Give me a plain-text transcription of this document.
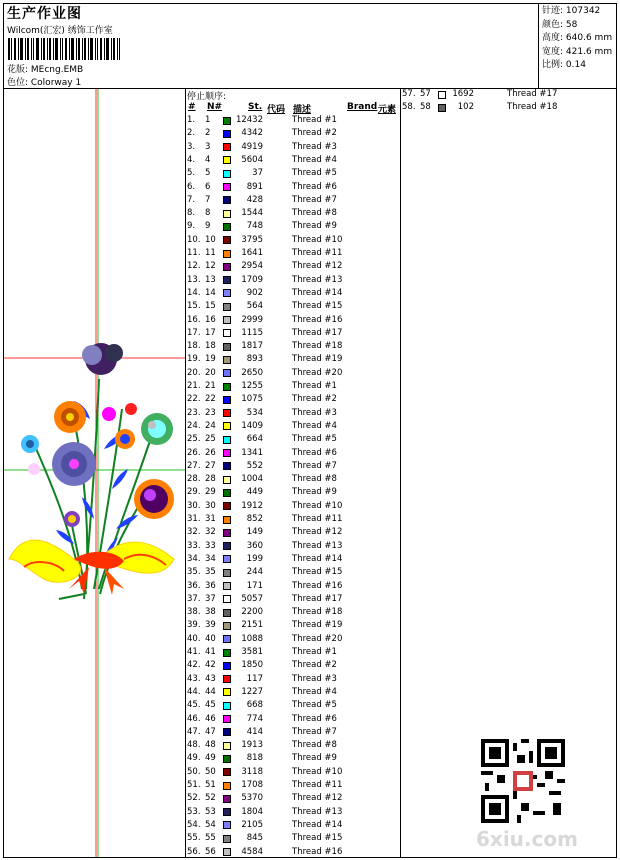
生产作业图
Wilcom(汇宏) 绣饰工作室
花版: MEcng.EMB
色位: Colorway 1
针迹: 107342
颜色: 58
高度: 640.6 mm
宽度: 421.6 mm
比例: 0.14
停止顺序:
# N#	St. 代码 描述	Brand 元素
1. 1	12432	Thread #1
2. 2	4342	Thread #2
3. 3	4919	Thread #3
4. 4	5604	Thread #4
5. 5	37	Thread #5
6. 6	891	Thread #6
7. 7	428	Thread #7
8. 8	1544	Thread #8
9. 9	748	Thread #9
10. 10	3795	Thread #10
11. 11	1641	Thread #11
12. 12	2954	Thread #12
13. 13	1709	Thread #13
14. 14	902	Thread #14
15. 15	564	Thread #15
16. 16	2999	Thread #16
17. 17	1115	Thread #17
18. 18	1817	Thread #18
19. 19	893	Thread #19
20. 20	2650	Thread #20
21. 21	1255	Thread #1
22. 22	1075	Thread #2
23. 23	534	Thread #3
24. 24	1409	Thread #4
25. 25	664	Thread #5
26. 26	1341	Thread #6
27. 27	552	Thread #7
28. 28	1004	Thread #8
29. 29	449	Thread #9
30. 30	1912	Thread #10
31. 31	852	Thread #11
32. 32	149	Thread #12
33. 33	360	Thread #13
34. 34	199	Thread #14
35. 35	244	Thread #15
36. 36	171	Thread #16
37. 37	5057	Thread #17
38. 38	2200	Thread #18
39. 39	2151	Thread #19
40. 40	1088	Thread #20
41. 41	3581	Thread #1
42. 42	1850	Thread #2
43. 43	117	Thread #3
44. 44	1227	Thread #4
45. 45	668	Thread #5
46. 46	774	Thread #6
47. 47	414	Thread #7
48. 48	1913	Thread #8
49. 49	818	Thread #9
50. 50	3118	Thread #10
51. 51	1708	Thread #11
52. 52	5370	Thread #12
53. 53	1804	Thread #13
54. 54	2105	Thread #14
55. 55	845	Thread #15
56. 56	4584	Thread #16
57. 57	1692	Thread #17
58. 58	102	Thread #18
6xiu.com
